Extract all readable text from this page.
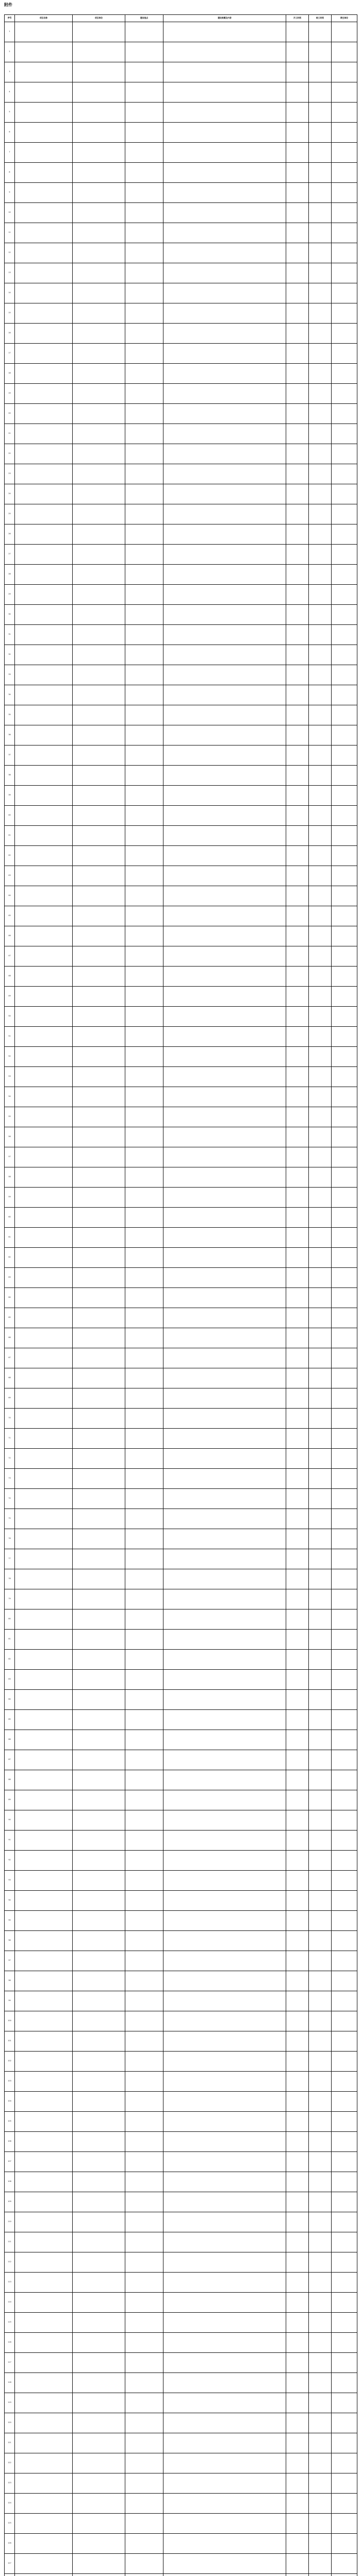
附件
序号	项目名称	项目单位	建设地点	建设规模及内容	开工时间	竣工时间	责任单位
1							
2							
3							
4							
5							
6							
7							
8							
9							
10							
11							
12							
13							
14							
15							
16							
17							
18							
19							
20							
21							
22							
23							
24							
25							
26							
27							
28							
29							
30							
31							
32							
33							
34							
35							
36							
37							
38							
39							
40							
41							
42							
43							
44							
45							
46							
47							
48							
49							
50							
51							
52							
53							
54							
55							
56							
57							
58							
59							
60							
61							
62							
63							
64							
65							
66							
67							
68							
69							
70							
71							
72							
73							
74							
75							
76							
77							
78							
79							
80							
81							
82							
83							
84							
85							
86							
87							
88							
89							
90							
91							
92							
93							
94							
95							
96							
97							
98							
99							
100							
101							
102							
103							
104							
105							
106							
107							
108							
109							
110							
111							
112							
113							
114							
115							
116							
117							
118							
119							
120							
121							
122							
123							
124							
125							
126							
127							
